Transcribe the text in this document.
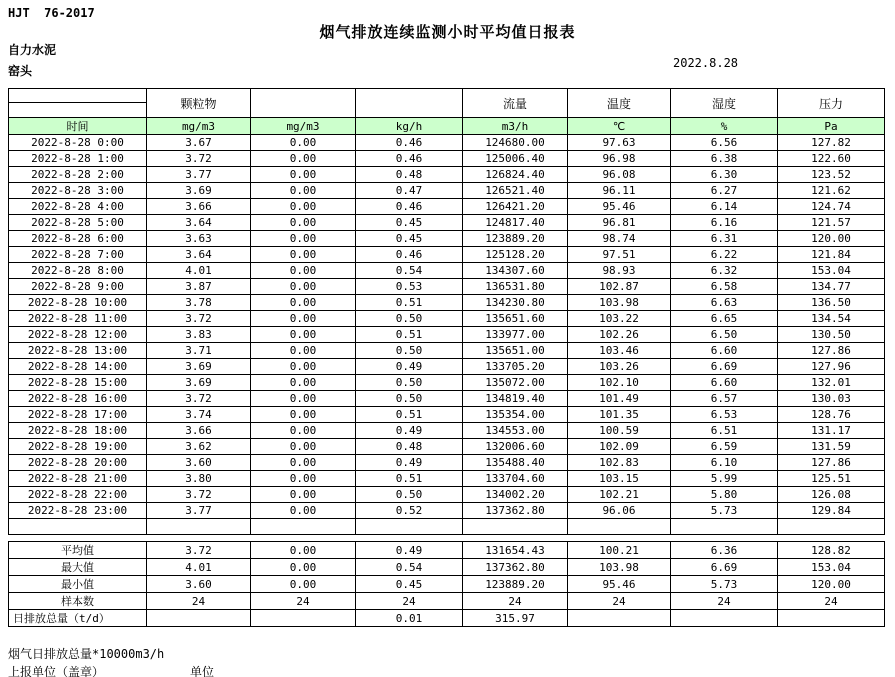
HJT  76-2017
烟气排放连续监测小时平均值日报表
自力水泥
窑头
2022.8.28
	颗粒物			流量	温度	湿度	压力
时间	mg/m3	mg/m3	kg/h	m3/h	℃	%	Pa
2022-8-28 0:00	3.67	0.00	0.46	124680.00	97.63	6.56	127.82
2022-8-28 1:00	3.72	0.00	0.46	125006.40	96.98	6.38	122.60
2022-8-28 2:00	3.77	0.00	0.48	126824.40	96.08	6.30	123.52
2022-8-28 3:00	3.69	0.00	0.47	126521.40	96.11	6.27	121.62
2022-8-28 4:00	3.66	0.00	0.46	126421.20	95.46	6.14	124.74
2022-8-28 5:00	3.64	0.00	0.45	124817.40	96.81	6.16	121.57
2022-8-28 6:00	3.63	0.00	0.45	123889.20	98.74	6.31	120.00
2022-8-28 7:00	3.64	0.00	0.46	125128.20	97.51	6.22	121.84
2022-8-28 8:00	4.01	0.00	0.54	134307.60	98.93	6.32	153.04
2022-8-28 9:00	3.87	0.00	0.53	136531.80	102.87	6.58	134.77
2022-8-28 10:00	3.78	0.00	0.51	134230.80	103.98	6.63	136.50
2022-8-28 11:00	3.72	0.00	0.50	135651.60	103.22	6.65	134.54
2022-8-28 12:00	3.83	0.00	0.51	133977.00	102.26	6.50	130.50
2022-8-28 13:00	3.71	0.00	0.50	135651.00	103.46	6.60	127.86
2022-8-28 14:00	3.69	0.00	0.49	133705.20	103.26	6.69	127.96
2022-8-28 15:00	3.69	0.00	0.50	135072.00	102.10	6.60	132.01
2022-8-28 16:00	3.72	0.00	0.50	134819.40	101.49	6.57	130.03
2022-8-28 17:00	3.74	0.00	0.51	135354.00	101.35	6.53	128.76
2022-8-28 18:00	3.66	0.00	0.49	134553.00	100.59	6.51	131.17
2022-8-28 19:00	3.62	0.00	0.48	132006.60	102.09	6.59	131.59
2022-8-28 20:00	3.60	0.00	0.49	135488.40	102.83	6.10	127.86
2022-8-28 21:00	3.80	0.00	0.51	133704.60	103.15	5.99	125.51
2022-8-28 22:00	3.72	0.00	0.50	134002.20	102.21	5.80	126.08
2022-8-28 23:00	3.77	0.00	0.52	137362.80	96.06	5.73	129.84

平均值	3.72	0.00	0.49	131654.43	100.21	6.36	128.82
最大值	4.01	0.00	0.54	137362.80	103.98	6.69	153.04
最小值	3.60	0.00	0.45	123889.20	95.46	5.73	120.00
样本数	24	24	24	24	24	24	24
日排放总量（t/d）			0.01	315.97			
烟气日排放总量*10000m3/h
上报单位（盖章）	单位
